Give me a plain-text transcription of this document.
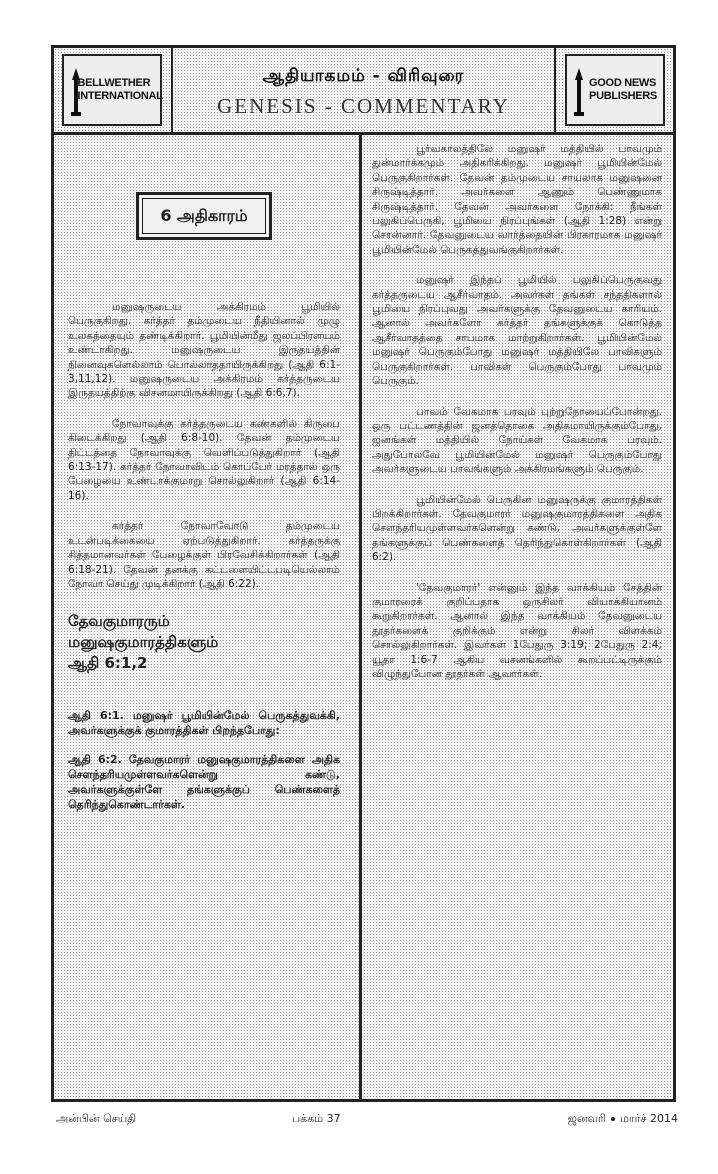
BELLWETHER
INTERNATIONAL
ஆதியாகமம் - விரிவுரை
GENESIS - COMMENTARY
GOOD NEWS
PUBLISHERS
6 அதிகாரம்

மனுஷருடைய அக்கிரமம் பூமியில் பெருகுகிறது. கர்த்தர் தம்முடைய நீதியினால் முழு உலகத்தையும் தண்டிக்கிறார். பூமியின்மீது ஜலப்பிரளயம் உண்டாகிறது. மனுஷருடைய இருதயத்தின் நினைவுகளெல்லாம் பொல்லாததாயிருக்கிறது (ஆதி 6:1-3,11,12). மனுஷருடைய அக்கிரமம் கர்த்தருடைய இருதயத்திற்கு விசனமாயிருக்கிறது (ஆதி 6:6,7).

நோவாவுக்கு கர்த்தருடைய கண்களில் கிருபை கிடைக்கிறது (ஆதி 6:8-10). தேவன் தம்முடைய திட்டத்தை நோவாவுக்கு வெளிப்படுத்துகிறார் (ஆதி 6:13-17). கர்த்தர் நோவாவிடம் கொப்பேர் மரத்தால் ஒரு பேழையை உண்டாக்குமாறு சொல்லுகிறார் (ஆதி 6:14-16).

கர்த்தர் நோவாவோடு தம்முடைய உடன்படிக்கையை ஏற்படுத்துகிறார். கர்த்தருக்கு சித்தமானவர்கள் பேழைக்குள் பிரவேசிக்கிறார்கள் (ஆதி 6:18-21). தேவன் தனக்கு கட்டளையிட்டபடியெல்லாம் நோவா செய்து முடிக்கிறார் (ஆதி 6:22).

தேவகுமாரரும்
மனுஷகுமாரத்திகளும்
ஆதி 6:1,2

ஆதி 6:1. மனுஷர் பூமியின்மேல் பெருகத்துவக்கி, அவர்களுக்குக் குமாரத்திகள் பிறந்தபோது:

ஆதி 6:2. தேவகுமாரர் மனுஷகுமாரத்திகளை அதிக சௌந்தரியமுள்ளவர்களென்று கண்டு, அவர்களுக்குள்ளே தங்களுக்குப் பெண்களைத் தெரிந்துகொண்டார்கள்.

பூர்வகாலத்திலே மனுஷர் மத்தியில் பாவமும் துன்மார்க்கமும் அதிகரிக்கிறது. மனுஷர் பூமியின்மேல் பெருகுகிறார்கள். தேவன் தம்முடைய சாயலாக மனுஷனை சிருஷ்டித்தார். அவர்களை ஆணும் பெண்ணுமாக சிருஷ்டித்தார். தேவன் அவர்களை நோக்கி: நீங்கள் பலுகிப்பெருகி, பூமியை நிரப்புங்கள் (ஆதி 1:28) என்று சொன்னார். தேவனுடைய வார்த்தையின் பிரகாரமாக மனுஷர் பூமியின்மேல் பெருகத்துவங்குகிறார்கள்.

மனுஷர் இந்தப் பூமியில் பலுகிப்பெருகுவது கர்த்தருடைய ஆசீர்வாதம். அவர்கள் தங்கள் சந்ததிகளால் பூமியை நிரப்புவது அவர்களுக்கு தேவனுடைய காரியம். ஆனால் அவர்களோ கர்த்தர் தங்களுக்குக் கொடுத்த ஆசீர்வாதத்தை சாபமாக மாற்றுகிறார்கள். பூமியின்மேல் மனுஷர் பெருகும்போது மனுஷர் மத்தியிலே பாவிகளும் பெருகுகிறார்கள். பாவிகள் பெருகும்போது பாவமும் பெருகும்.

பாவம் வேகமாக பரவும் புற்றுநோயைப்போன்றது. ஒரு பட்டணத்தின் ஜனத்தொகை அதிகமாயிருக்கும்போது, ஜனங்கள் மத்தியில் நோய்கள் வேகமாக பரவும். அதுபோலவே பூமியின்மேல் மனுஷர் பெருகும்போது அவர்களுடைய பாவங்களும் அக்கிரமங்களும் பெருகும்.

பூமியின்மேல் பெருகின மனுஷருக்கு குமாரத்திகள் பிறக்கிறார்கள். தேவகுமாரர் மனுஷகுமாரத்திகளை அதிக சௌந்தரியமுள்ளவர்களென்று கண்டு, அவர்களுக்குள்ளே தங்களுக்குப் பெண்களைத் தெரிந்துகொள்கிறார்கள் (ஆதி 6:2).

'தேவகுமாரர்' என்னும் இந்த வாக்கியம் சேத்தின் குமாரரைக் குறிப்பதாக ஒருசிலர் வியாக்கியானம் கூறுகிறார்கள். ஆனால் இந்த வாக்கியம் தேவனுடைய தூதர்களைக் குறிக்கும் என்று சிலர் விளக்கம் சொல்லுகிறார்கள். இவர்கள் 1பேதுரு 3:19; 2பேதுரு 2:4; யூதா 1:6-7 ஆகிய வசனங்களில் கூறப்பட்டிருக்கும் விழுந்துபோன தூதர்கள் ஆவார்கள்.

அன்பின் செய்தி	பக்கம் 37	ஜனவரி மார்ச் 2014
